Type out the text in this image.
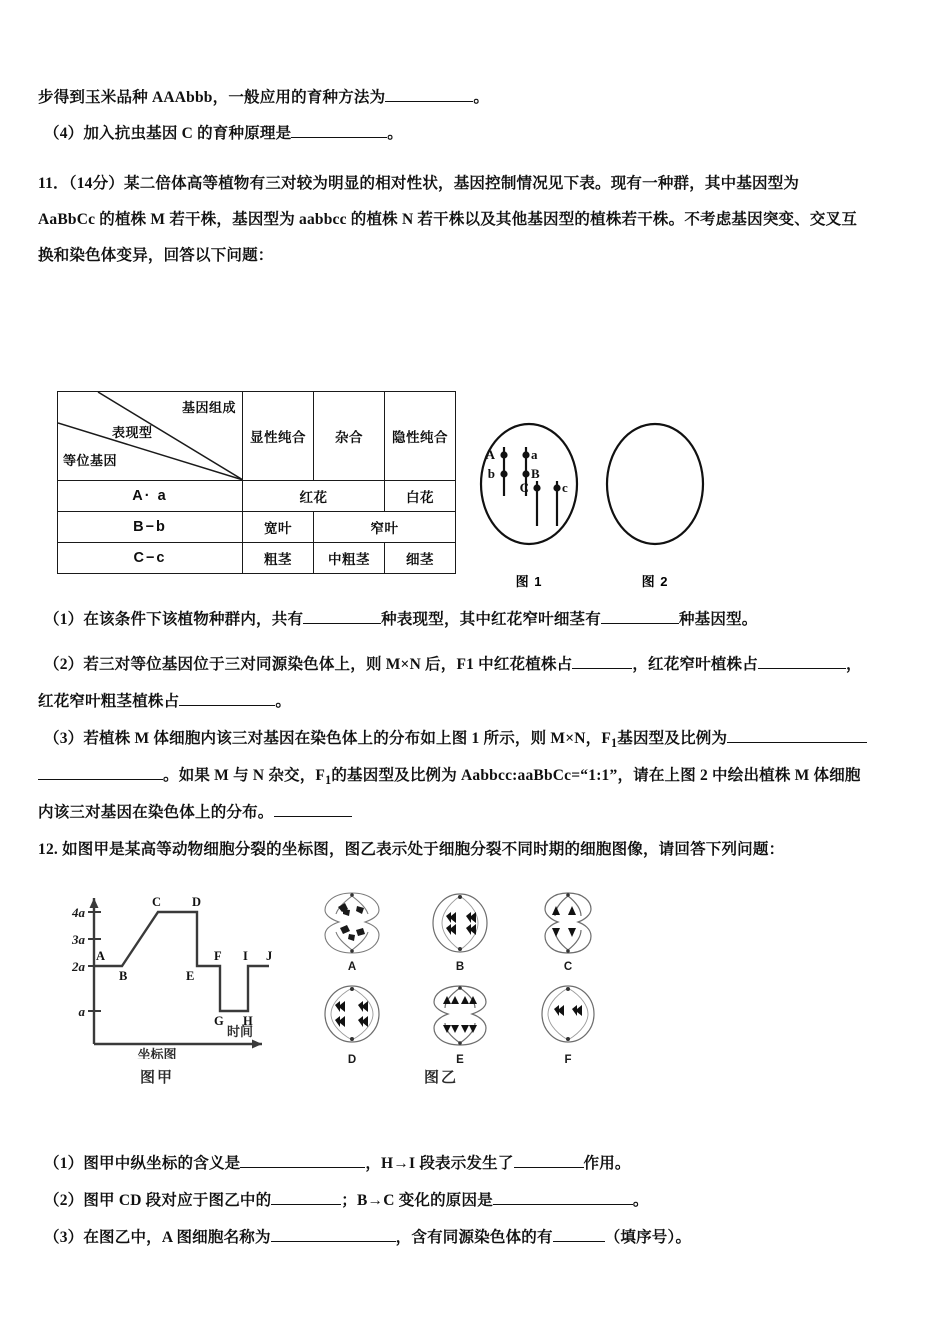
步得到玉米品种 AAAbbb，一般应用的育种方法为	。
（4）加入抗虫基因 C 的育种原理是	。
11．（14分）某二倍体高等植物有三对较为明显的相对性状，基因控制情况见下表。现有一种群，其中基因型为
AaBbCc 的植株 M 若干株，基因型为 aabbcc 的植株 N 若干株以及其他基因型的植株若干株。不考虑基因突变、交叉互
换和染色体变异，回答以下问题：
基因组成
表现型
等位基因	显性纯合	杂合	隐性纯合
A· a	红花		白花
B−b	宽叶	窄叶	
C−c	粗茎	中粗茎	细茎
A	a
b	B
C	c
图 1	图 2
（1）在该条件下该植物种群内，共有	种表现型，其中红花窄叶细茎有	种基因型。
（2）若三对等位基因位于三对同源染色体上，则 M×N 后，F1 中红花植株占	，红花窄叶植株占	，
红花窄叶粗茎植株占	。
（3）若植株 M 体细胞内该三对基因在染色体上的分布如上图 1 所示，则 M×N，$F_1$基因型及比例为
。如果 M 与 N 杂交，$F_1$的基因型及比例为 Aabbcc:aaBbCc=“1:1”，请在上图 2 中绘出植株 M 体细胞
内该三对基因在染色体上的分布。
12. 如图甲是某高等动物细胞分裂的坐标图，图乙表示处于细胞分裂不同时期的细胞图像，请回答下列问题：
4a
3a
2a
a
A
B
C D
E
F
G H
I J
坐标图
时间
图甲
A	B	C
D	E	F
图乙
（1）图甲中纵坐标的含义是	，H→I 段表示发生了	作用。
（2）图甲 CD 段对应于图乙中的	；B→C 变化的原因是	。
（3）在图乙中，A 图细胞名称为	，含有同源染色体的有	（填序号）。
